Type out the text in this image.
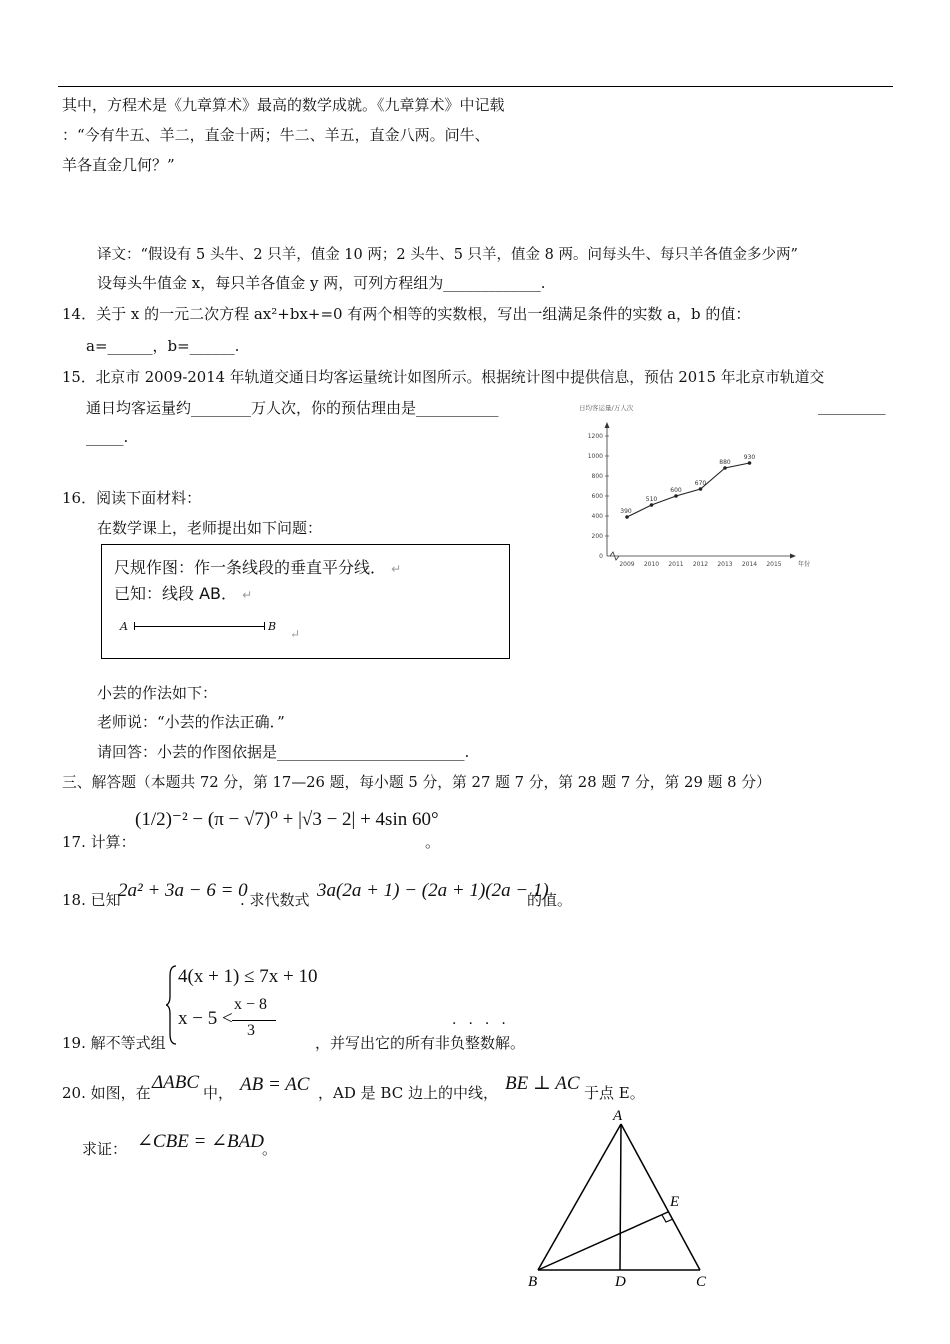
其中，方程术是《九章算术》最高的数学成就。《九章算术》中记载
：“今有牛五、羊二，直金十两；牛二、羊五，直金八两。问牛、
羊各直金几何？”
译文：“假设有 5 头牛、2 只羊，值金 10 两；2 头牛、5 只羊，值金 8 两。问每头牛、每只羊各值金多少两”
设每头牛值金 x，每只羊各值金 y 两，可列方程组为_____________.
14．关于 x 的一元二次方程 ax²+bx+=0 有两个相等的实数根，写出一组满足条件的实数 a，b 的值：
a=______，b=______.
15．北京市 2009-2014 年轨道交通日均客运量统计如图所示。根据统计图中提供信息，预估 2015 年北京市轨道交
通日均客运量约________万人次，你的预估理由是___________	_________
_____.
日均客运量/万人次
0
200
400
600
800
1000
1200
2009 2010 2011 2012 2013 2014 2015	年份
390
510
600
670
880
930
16．阅读下面材料：
在数学课上，老师提出如下问题：
尺规作图：作一条线段的垂直平分线． ↵
已知：线段 AB． ↵
A	B
↵
小芸的作法如下：
老师说：“小芸的作法正确．”
请回答：小芸的作图依据是_________________________.
三、解答题（本题共 72 分，第 17—26 题，每小题 5 分，第 27 题 7 分，第 28 题 7 分，第 29 题 8 分）
17. 计算：
(1/2)⁻² − (π − √7)⁰ + |√3 − 2| + 4sin 60°
。
18. 已知
2a² + 3a − 6 = 0
. 求代数式 3a(2a + 1) − (2a + 1)(2a − 1)
的值。
19. 解不等式组
4(x + 1) ≤ 7x + 10
x − 5 <
x − 8
3
，并写出它的所有非负整数解。
····
20. 如图，在 ΔABC 中， AB = AC ，AD 是 BC 边上的中线， BE ⊥ AC 于点 E。
求证： ∠CBE = ∠BAD
。
A
B	D	C
E
